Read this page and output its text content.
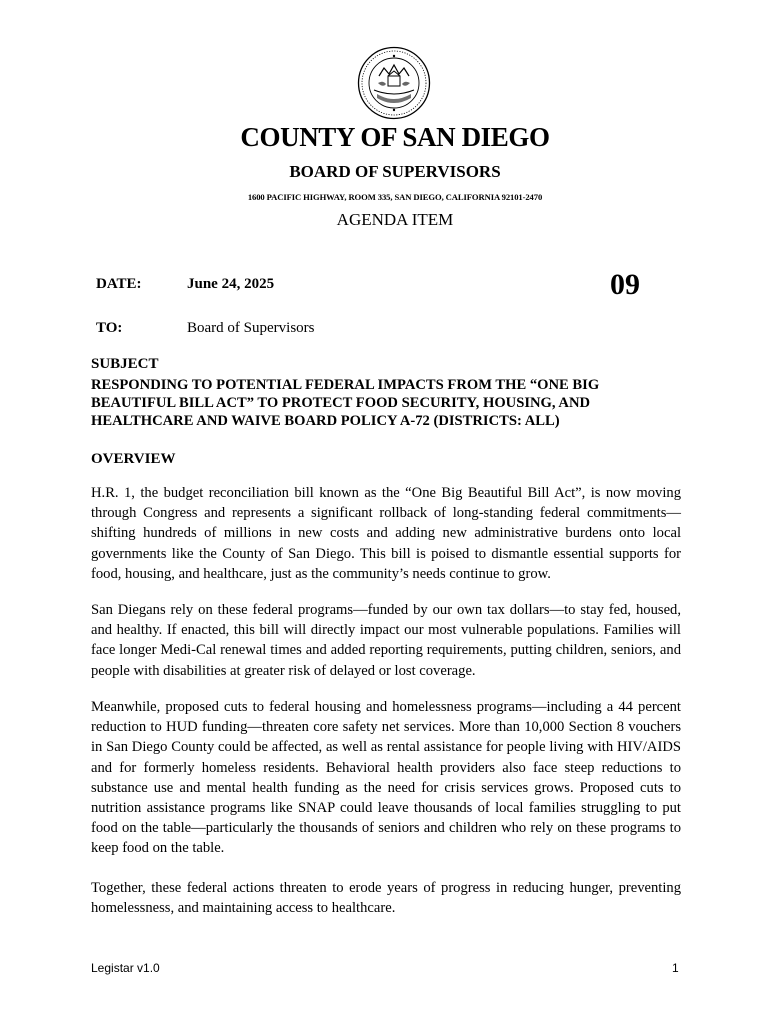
COUNTY OF SAN DIEGO
BOARD OF SUPERVISORS
1600 PACIFIC HIGHWAY, ROOM 335, SAN DIEGO, CALIFORNIA 92101-2470
AGENDA ITEM
DATE:	June 24, 2025	09
TO:	Board of Supervisors
SUBJECT
RESPONDING TO POTENTIAL FEDERAL IMPACTS FROM THE “ONE BIG BEAUTIFUL BILL ACT” TO PROTECT FOOD SECURITY, HOUSING, AND HEALTHCARE AND WAIVE BOARD POLICY A-72 (DISTRICTS: ALL)
OVERVIEW
H.R. 1, the budget reconciliation bill known as the “One Big Beautiful Bill Act”, is now moving through Congress and represents a significant rollback of long-standing federal commitments—shifting hundreds of millions in new costs and adding new administrative burdens onto local governments like the County of San Diego. This bill is poised to dismantle essential supports for food, housing, and healthcare, just as the community’s needs continue to grow.
San Diegans rely on these federal programs—funded by our own tax dollars—to stay fed, housed, and healthy. If enacted, this bill will directly impact our most vulnerable populations. Families will face longer Medi-Cal renewal times and added reporting requirements, putting children, seniors, and people with disabilities at greater risk of delayed or lost coverage.
Meanwhile, proposed cuts to federal housing and homelessness programs—including a 44 percent reduction to HUD funding—threaten core safety net services. More than 10,000 Section 8 vouchers in San Diego County could be affected, as well as rental assistance for people living with HIV/AIDS and for formerly homeless residents. Behavioral health providers also face steep reductions to substance use and mental health funding as the need for crisis services grows. Proposed cuts to nutrition assistance programs like SNAP could leave thousands of local families struggling to put food on the table—particularly the thousands of seniors and children who rely on these programs to keep food on the table.
Together, these federal actions threaten to erode years of progress in reducing hunger, preventing homelessness, and maintaining access to healthcare.
Legistar v1.0	1
